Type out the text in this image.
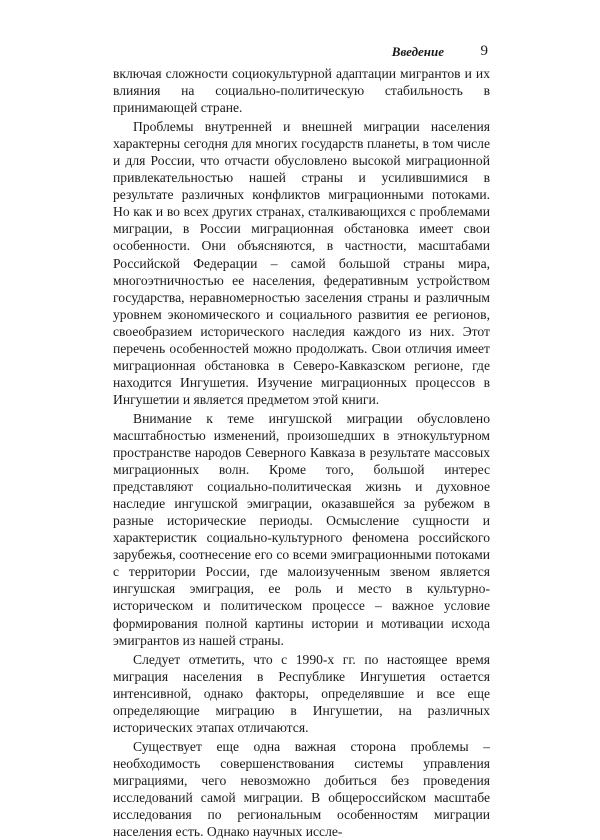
Введение 9

включая сложности социокультурной адаптации мигрантов и их влияния на социально-политическую стабильность в принимающей стране.

Проблемы внутренней и внешней миграции населения характерны сегодня для многих государств планеты, в том числе и для России, что отчасти обусловлено высокой миграционной привлекательностью нашей страны и усилившимися в результате различных конфликтов миграционными потоками. Но как и во всех других странах, сталкивающихся с проблемами миграции, в России миграционная обстановка имеет свои особенности. Они объясняются, в частности, масштабами Российской Федерации – самой большой страны мира, многоэтничностью ее населения, федеративным устройством государства, неравномерностью заселения страны и различным уровнем экономического и социального развития ее регионов, своеобразием исторического наследия каждого из них. Этот перечень особенностей можно продолжать. Свои отличия имеет миграционная обстановка в Северо-Кавказском регионе, где находится Ингушетия. Изучение миграционных процессов в Ингушетии и является предметом этой книги.

Внимание к теме ингушской миграции обусловлено масштабностью изменений, произошедших в этнокультурном пространстве народов Северного Кавказа в результате массовых миграционных волн. Кроме того, большой интерес представляют социально-политическая жизнь и духовное наследие ингушской эмиграции, оказавшейся за рубежом в разные исторические периоды. Осмысление сущности и характеристик социально-культурного феномена российского зарубежья, соотнесение его со всеми эмиграционными потоками с территории России, где малоизученным звеном является ингушская эмиграция, ее роль и место в культурно-историческом и политическом процессе – важное условие формирования полной картины истории и мотивации исхода эмигрантов из нашей страны.

Следует отметить, что с 1990-х гг. по настоящее время миграция населения в Республике Ингушетия остается интенсивной, однако факторы, определявшие и все еще определяющие миграцию в Ингушетии, на различных исторических этапах отличаются.

Существует еще одна важная сторона проблемы – необходимость совершенствования системы управления миграциями, чего невозможно добиться без проведения исследований самой миграции. В общероссийском масштабе исследования по региональным особенностям миграции населения есть. Однако научных иссле-
